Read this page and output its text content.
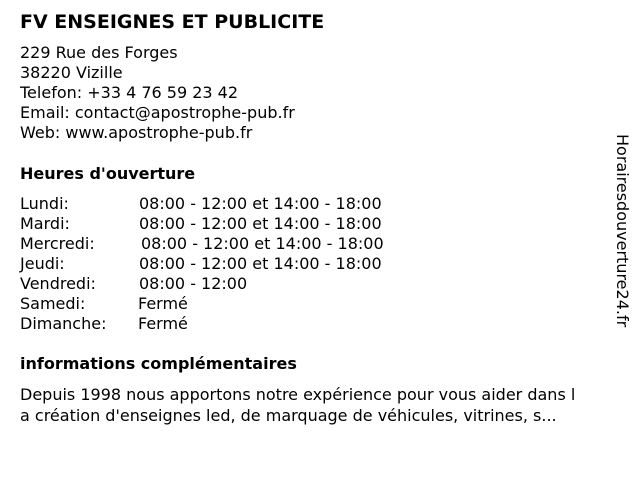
FV ENSEIGNES ET PUBLICITE
229 Rue des Forges
38220 Vizille
Telefon: +33 4 76 59 23 42
Email: contact@apostrophe-pub.fr
Web: www.apostrophe-pub.fr
Heures d'ouverture
Lundi:	08:00 - 12:00 et 14:00 - 18:00
Mardi:	08:00 - 12:00 et 14:00 - 18:00
Mercredi:	08:00 - 12:00 et 14:00 - 18:00
Jeudi:	08:00 - 12:00 et 14:00 - 18:00
Vendredi:	08:00 - 12:00
Samedi:	Fermé
Dimanche: Fermé
informations complémentaires
Depuis 1998 nous apportons notre expérience pour vous aider dans l
a création d'enseignes led, de marquage de véhicules, vitrines, s...
Horairesdouverture24.fr
